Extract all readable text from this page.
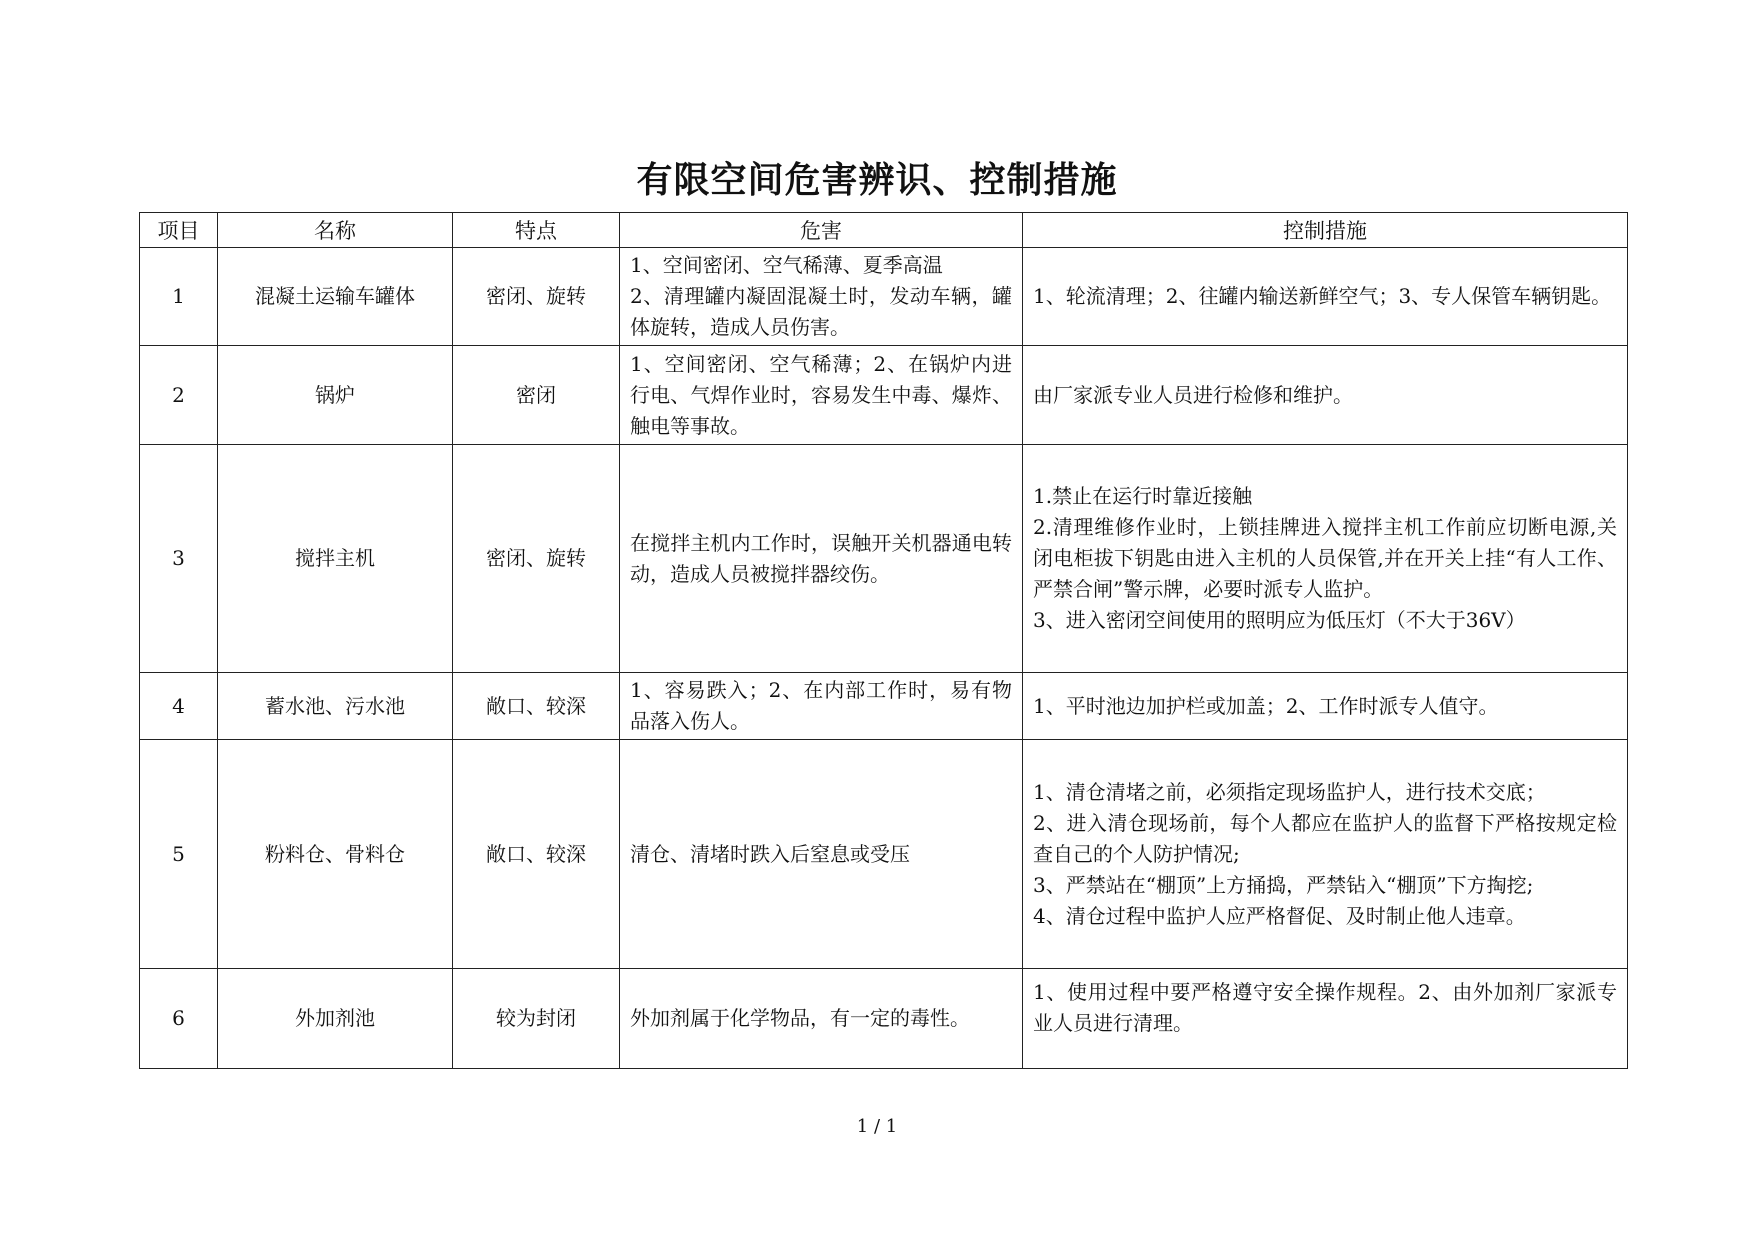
有限空间危害辨识、控制措施
项目	名称	特点	危害	控制措施
1	混凝土运输车罐体	密闭、旋转	1、空间密闭、空气稀薄、夏季高温
2、清理罐内凝固混凝土时，发动车辆，罐体旋转，造成人员伤害。	1、轮流清理；2、往罐内输送新鲜空气；3、专人保管车辆钥匙。

2	锅炉	密闭	1、空间密闭、空气稀薄；2、在锅炉内进行电、气焊作业时，容易发生中毒、爆炸、触电等事故。	由厂家派专业人员进行检修和维护。

3	搅拌主机	密闭、旋转	在搅拌主机内工作时，误触开关机器通电转动，造成人员被搅拌器绞伤。	1.禁止在运行时靠近接触
2.清理维修作业时，上锁挂牌进入搅拌主机工作前应切断电源,关闭电柜拔下钥匙由进入主机的人员保管,并在开关上挂“有人工作、严禁合闸”警示牌，必要时派专人监护。
3、进入密闭空间使用的照明应为低压灯（不大于36V）

4	蓄水池、污水池	敞口、较深	1、容易跌入；2、在内部工作时，易有物品落入伤人。	1、平时池边加护栏或加盖；2、工作时派专人值守。

5	粉料仓、骨料仓	敞口、较深	清仓、清堵时跌入后窒息或受压	1、清仓清堵之前，必须指定现场监护人，进行技术交底；
2、进入清仓现场前，每个人都应在监护人的监督下严格按规定检查自己的个人防护情况;
3、严禁站在“棚顶”上方捅捣，严禁钻入“棚顶”下方掏挖;
4、清仓过程中监护人应严格督促、及时制止他人违章。

6	外加剂池	较为封闭	外加剂属于化学物品，有一定的毒性。	1、使用过程中要严格遵守安全操作规程。2、由外加剂厂家派专业人员进行清理。
1 / 1
